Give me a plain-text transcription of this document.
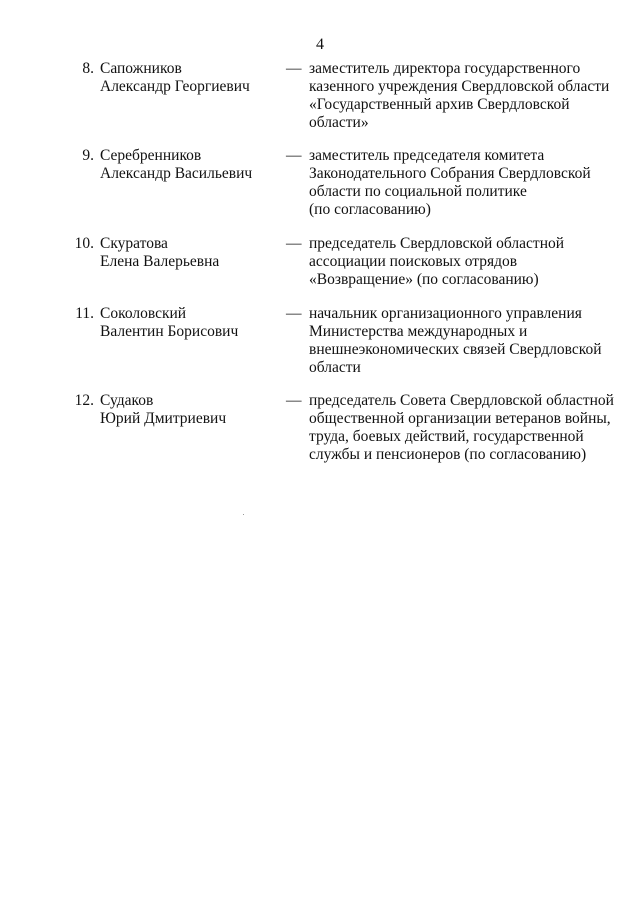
4
8. Сапожников
Александр Георгиевич
— заместитель директора государственного
казенного учреждения Свердловской области
«Государственный архив Свердловской
области»
9. Серебренников
Александр Васильевич
— заместитель председателя комитета
Законодательного Собрания Свердловской
области по социальной политике
(по согласованию)
10. Скуратова
Елена Валерьевна
— председатель Свердловской областной
ассоциации поисковых отрядов
«Возвращение» (по согласованию)
11. Соколовский
Валентин Борисович
— начальник организационного управления
Министерства международных и
внешнеэкономических связей Свердловской
области
12. Судаков
Юрий Дмитриевич
— председатель Совета Свердловской областной
общественной организации ветеранов войны,
труда, боевых действий, государственной
службы и пенсионеров (по согласованию)
